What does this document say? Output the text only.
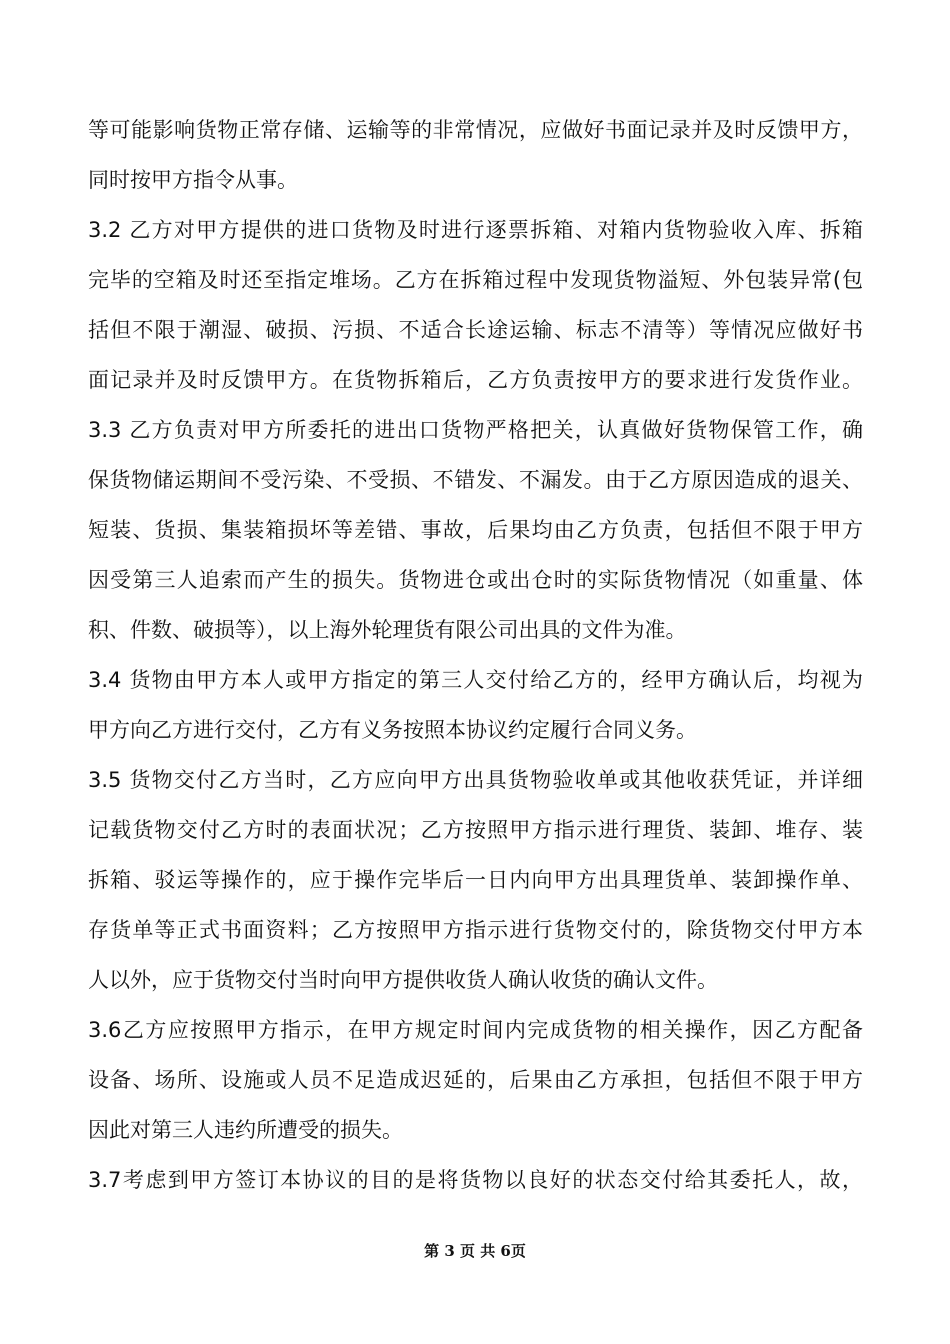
等可能影响货物正常存储、运输等的非常情况，应做好书面记录并及时反馈甲方，
同时按甲方指令从事。
3.2 乙方对甲方提供的进口货物及时进行逐票拆箱、对箱内货物验收入库、拆箱
完毕的空箱及时还至指定堆场。乙方在拆箱过程中发现货物溢短、外包装异常(包
括但不限于潮湿、破损、污损、不适合长途运输、标志不清等）等情况应做好书
面记录并及时反馈甲方。在货物拆箱后，乙方负责按甲方的要求进行发货作业。
3.3 乙方负责对甲方所委托的进出口货物严格把关，认真做好货物保管工作，确
保货物储运期间不受污染、不受损、不错发、不漏发。由于乙方原因造成的退关、
短装、货损、集装箱损坏等差错、事故，后果均由乙方负责，包括但不限于甲方
因受第三人追索而产生的损失。货物进仓或出仓时的实际货物情况（如重量、体
积、件数、破损等），以上海外轮理货有限公司出具的文件为准。
3.4 货物由甲方本人或甲方指定的第三人交付给乙方的，经甲方确认后，均视为
甲方向乙方进行交付，乙方有义务按照本协议约定履行合同义务。
3.5 货物交付乙方当时，乙方应向甲方出具货物验收单或其他收获凭证，并详细
记载货物交付乙方时的表面状况；乙方按照甲方指示进行理货、装卸、堆存、装
拆箱、驳运等操作的，应于操作完毕后一日内向甲方出具理货单、装卸操作单、
存货单等正式书面资料；乙方按照甲方指示进行货物交付的，除货物交付甲方本
人以外，应于货物交付当时向甲方提供收货人确认收货的确认文件。
3.6乙方应按照甲方指示，在甲方规定时间内完成货物的相关操作，因乙方配备
设备、场所、设施或人员不足造成迟延的，后果由乙方承担，包括但不限于甲方
因此对第三人违约所遭受的损失。
3.7考虑到甲方签订本协议的目的是将货物以良好的状态交付给其委托人，故，
第 3 页 共 6页
